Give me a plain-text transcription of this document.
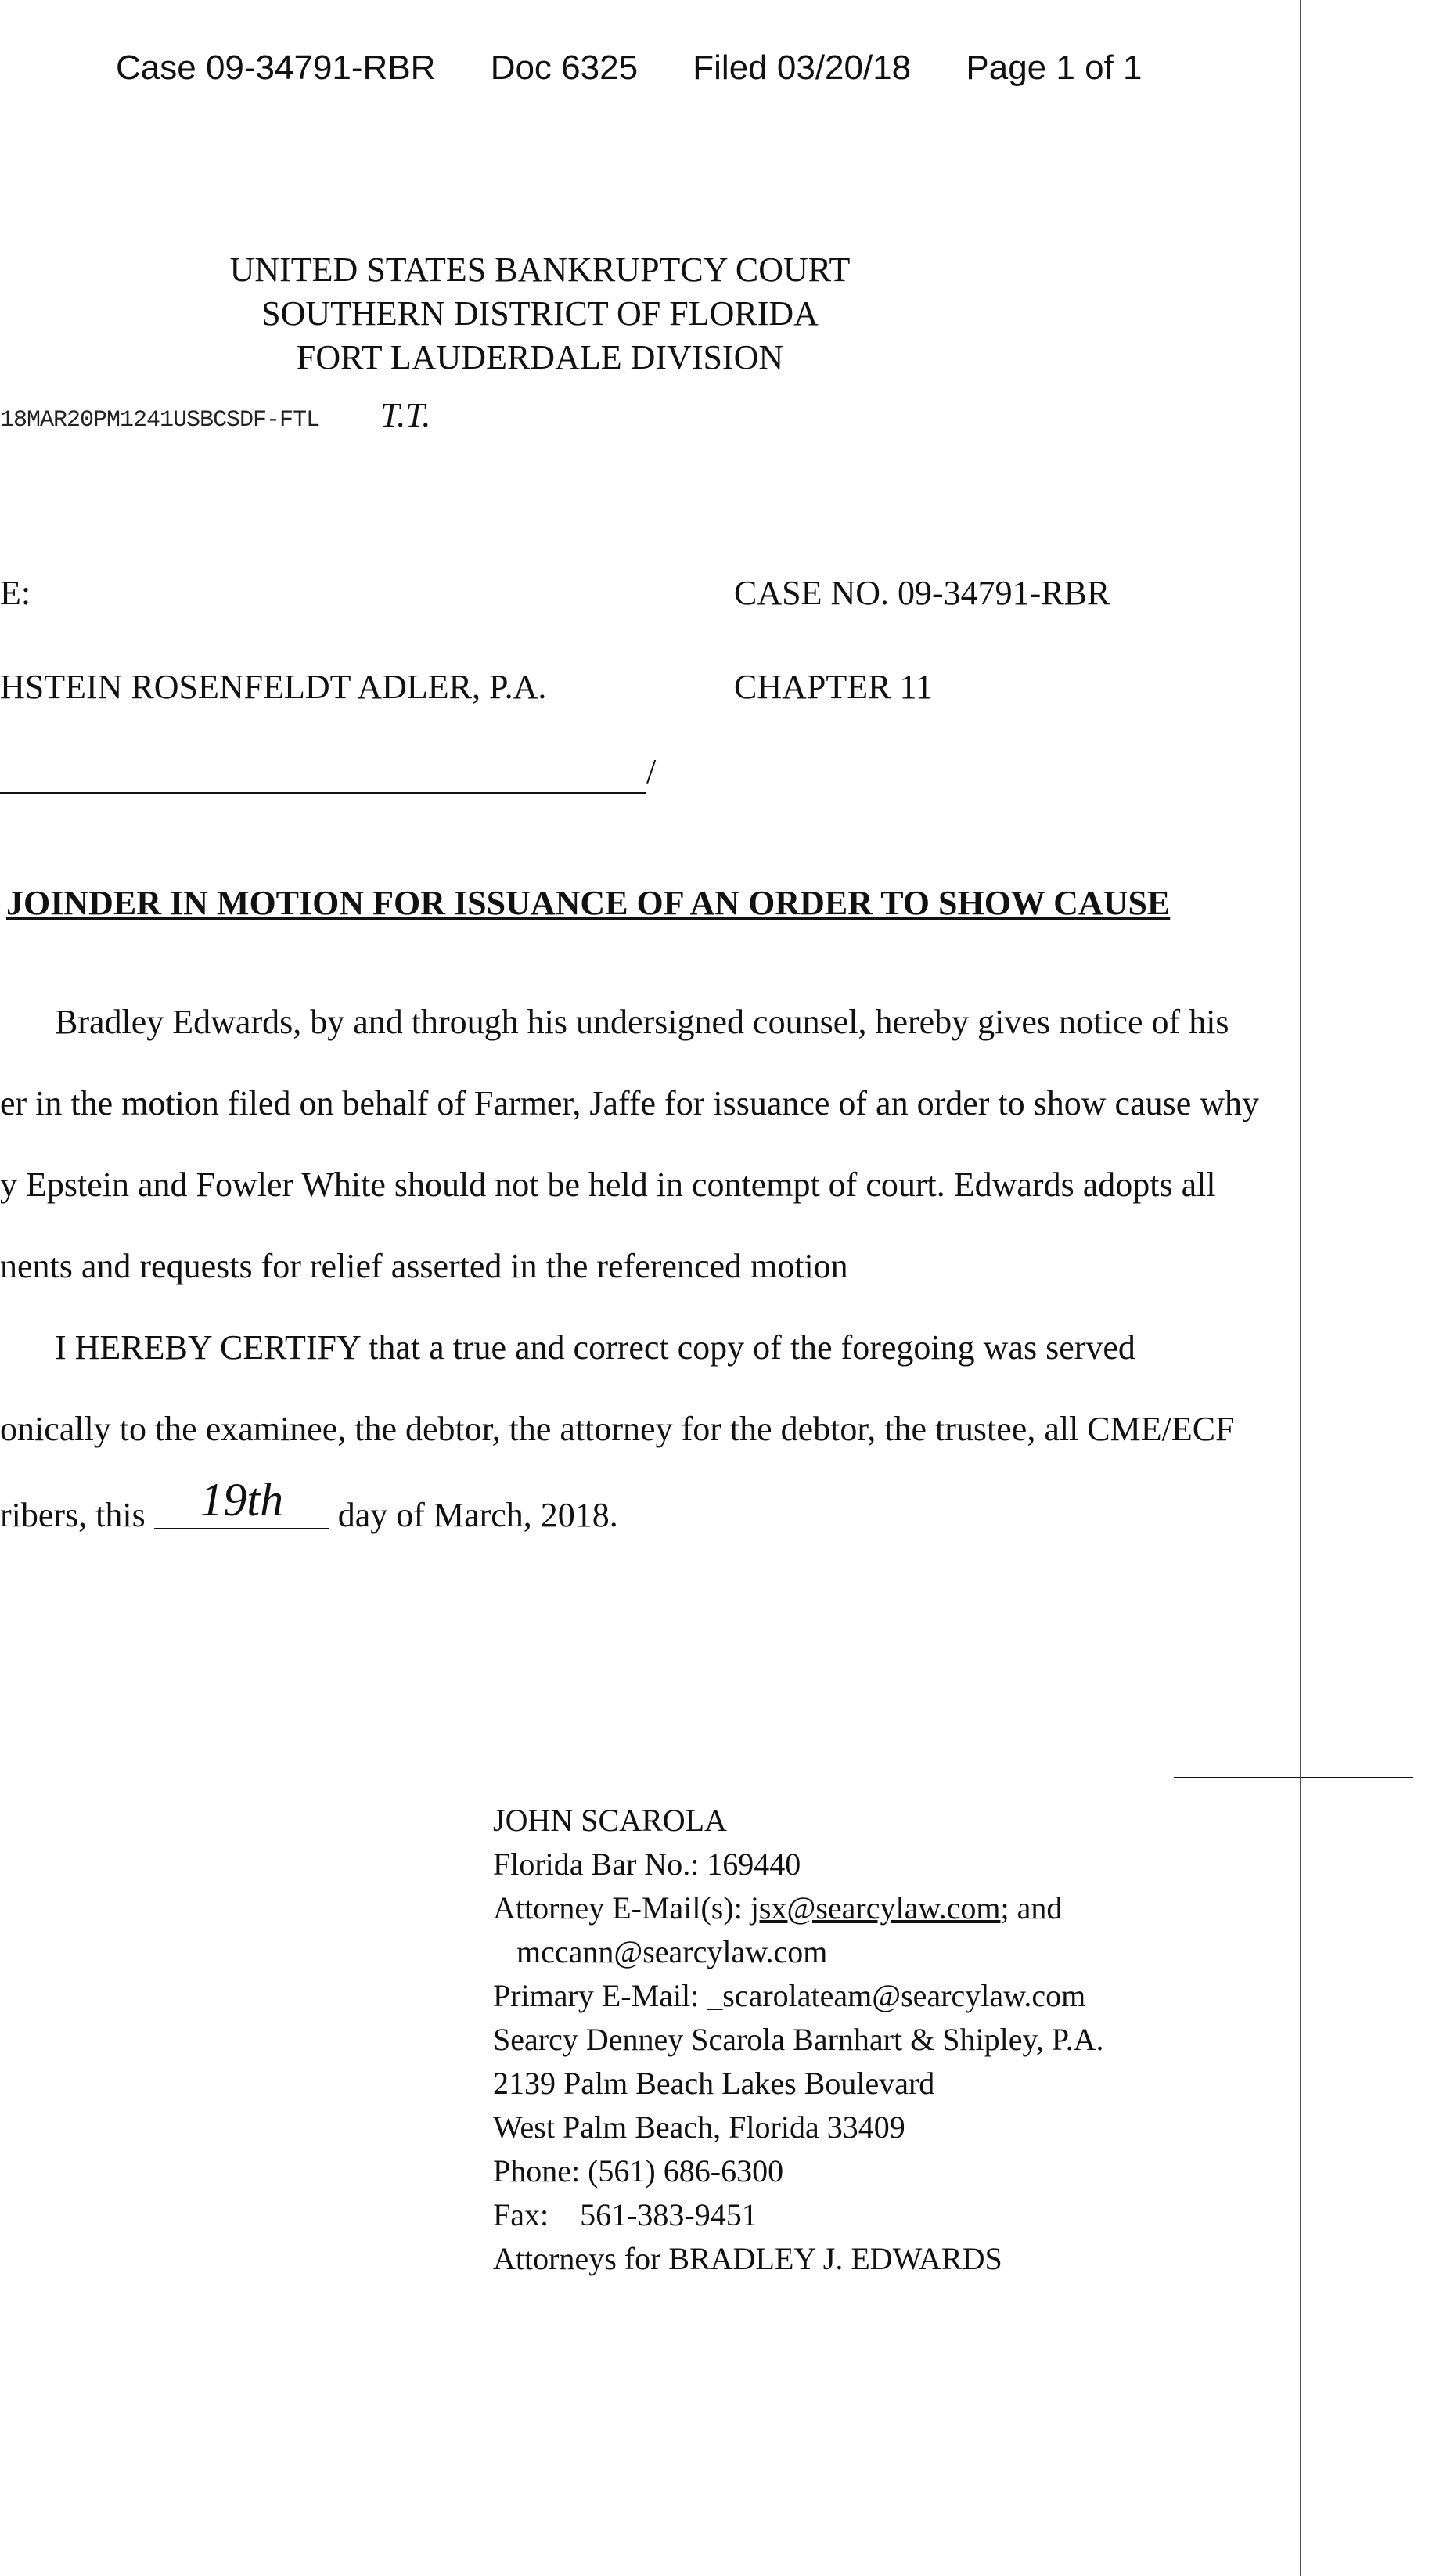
Case 09-34791-RBR Doc 6325 Filed 03/20/18 Page 1 of 1
UNITED STATES BANKRUPTCY COURT
SOUTHERN DISTRICT OF FLORIDA
FORT LAUDERDALE DIVISION
18MAR20PM1241USBCSDF-FTL T.T.
E:
HSTEIN ROSENFELDT ADLER, P.A.
CASE NO. 09-34791-RBR
CHAPTER 11
/
JOINDER IN MOTION FOR ISSUANCE OF AN ORDER TO SHOW CAUSE
Bradley Edwards, by and through his undersigned counsel, hereby gives notice of his
er in the motion filed on behalf of Farmer, Jaffe for issuance of an order to show cause why
y Epstein and Fowler White should not be held in contempt of court. Edwards adopts all
nents and requests for relief asserted in the referenced motion
I HEREBY CERTIFY that a true and correct copy of the foregoing was served
onically to the examinee, the debtor, the attorney for the debtor, the trustee, all CME/ECF
ribers, this 19th day of March, 2018.
JOHN SCAROLA
Florida Bar No.: 169440
Attorney E-Mail(s): jsx@searcylaw.com; and
mccann@searcylaw.com
Primary E-Mail: _scarolateam@searcylaw.com
Searcy Denney Scarola Barnhart & Shipley, P.A.
2139 Palm Beach Lakes Boulevard
West Palm Beach, Florida 33409
Phone: (561) 686-6300
Fax:    561-383-9451
Attorneys for BRADLEY J. EDWARDS
